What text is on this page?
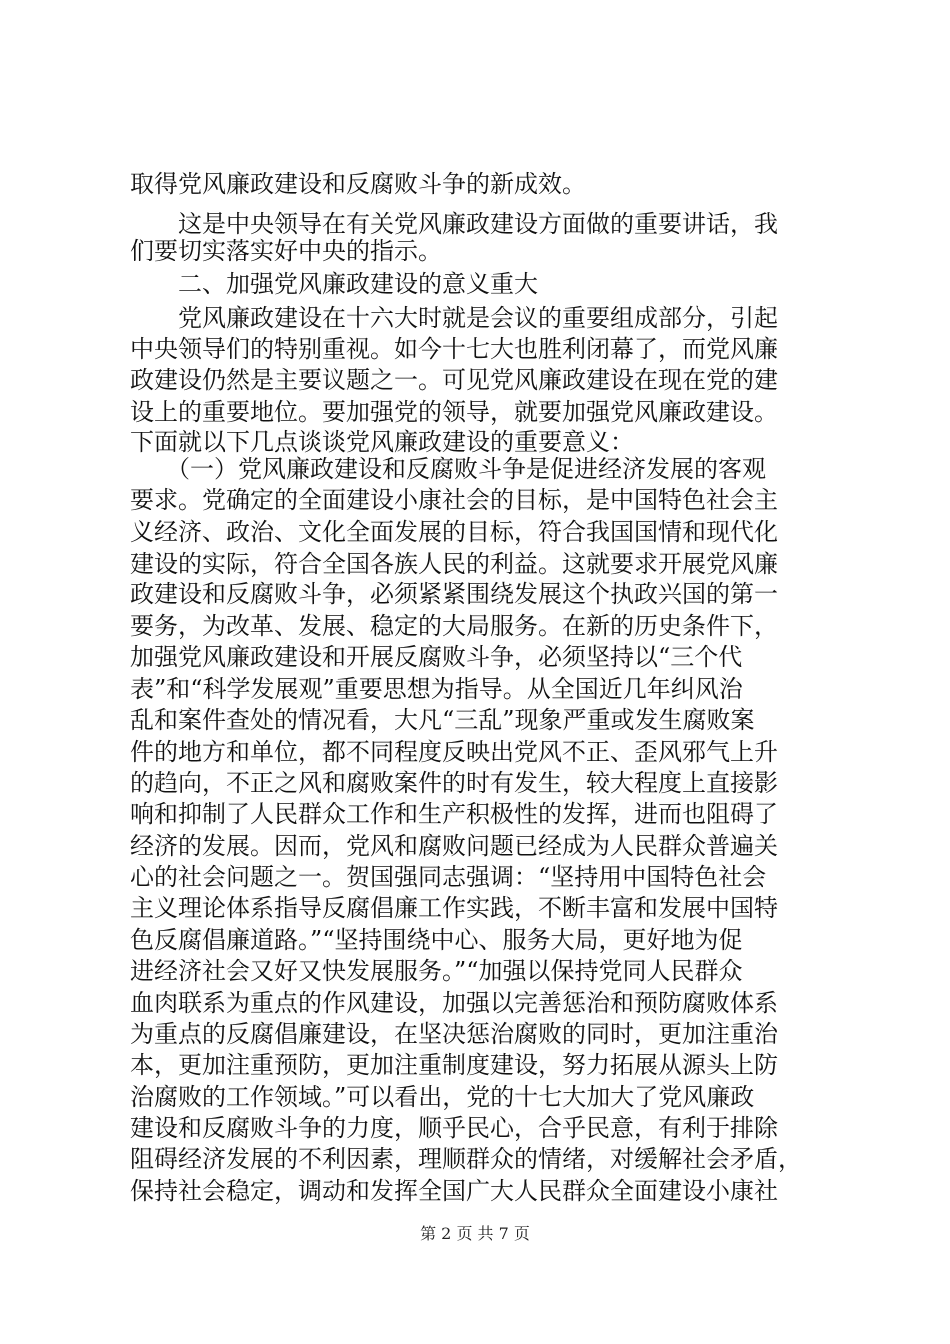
取得党风廉政建设和反腐败斗争的新成效。
　　这是中央领导在有关党风廉政建设方面做的重要讲话，我
们要切实落实好中央的指示。
　　二、加强党风廉政建设的意义重大
　　党风廉政建设在十六大时就是会议的重要组成部分，引起
中央领导们的特别重视。如今十七大也胜利闭幕了，而党风廉
政建设仍然是主要议题之一。可见党风廉政建设在现在党的建
设上的重要地位。要加强党的领导，就要加强党风廉政建设。
下面就以下几点谈谈党风廉政建设的重要意义：
　　（一）党风廉政建设和反腐败斗争是促进经济发展的客观
要求。党确定的全面建设小康社会的目标，是中国特色社会主
义经济、政治、文化全面发展的目标，符合我国国情和现代化
建设的实际，符合全国各族人民的利益。这就要求开展党风廉
政建设和反腐败斗争，必须紧紧围绕发展这个执政兴国的第一
要务，为改革、发展、稳定的大局服务。在新的历史条件下，
加强党风廉政建设和开展反腐败斗争，必须坚持以“三个代
表”和“科学发展观”重要思想为指导。从全国近几年纠风治
乱和案件查处的情况看，大凡“三乱”现象严重或发生腐败案
件的地方和单位，都不同程度反映出党风不正、歪风邪气上升
的趋向，不正之风和腐败案件的时有发生，较大程度上直接影
响和抑制了人民群众工作和生产积极性的发挥，进而也阻碍了
经济的发展。因而，党风和腐败问题已经成为人民群众普遍关
心的社会问题之一。贺国强同志强调：“坚持用中国特色社会
主义理论体系指导反腐倡廉工作实践，不断丰富和发展中国特
色反腐倡廉道路。”“坚持围绕中心、服务大局，更好地为促
进经济社会又好又快发展服务。”“加强以保持党同人民群众
血肉联系为重点的作风建设，加强以完善惩治和预防腐败体系
为重点的反腐倡廉建设，在坚决惩治腐败的同时，更加注重治
本，更加注重预防，更加注重制度建设，努力拓展从源头上防
治腐败的工作领域。”可以看出，党的十七大加大了党风廉政
建设和反腐败斗争的力度，顺乎民心，合乎民意，有利于排除
阻碍经济发展的不利因素，理顺群众的情绪，对缓解社会矛盾，
保持社会稳定，调动和发挥全国广大人民群众全面建设小康社
第 2 页 共 7 页
